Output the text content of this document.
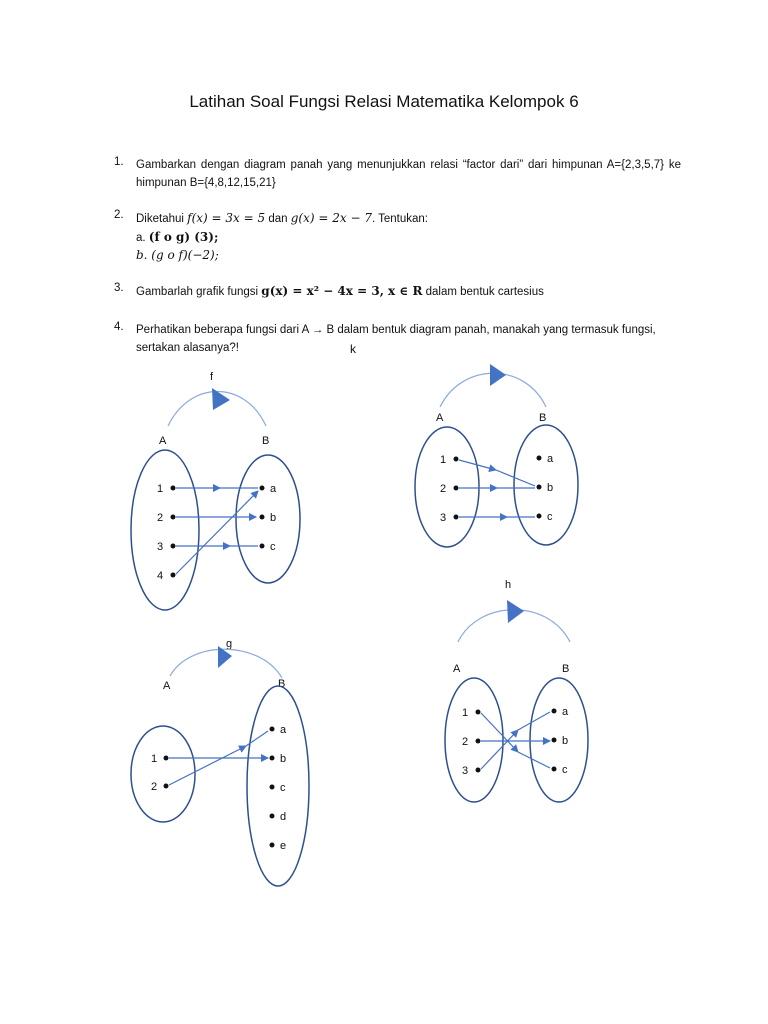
Latihan Soal Fungsi Relasi Matematika Kelompok 6
1. Gambarkan dengan diagram panah yang menunjukkan relasi “factor dari” dari himpunan A={2,3,5,7} ke himpunan B={4,8,12,15,21}
2. Diketahui f(x) = 3x = 5 dan g(x) = 2x − 7. Tentukan:
a. (f o g) (3);
b. (g o f)(−2);
3. Gambarlah grafik fungsi g(x) = x² − 4x = 3, x ∈ R dalam bentuk cartesius
4. Perhatikan beberapa fungsi dari A → B dalam bentuk diagram panah, manakah yang termasuk fungsi, sertakan alasanya?!	k
f
A	B
1
2
3
4
a
b
c
A	B
1
2
3
a
b
c
g
A	B
1
2
a
b
c
d
e
h
A	B
1
2
3
a
b
c
